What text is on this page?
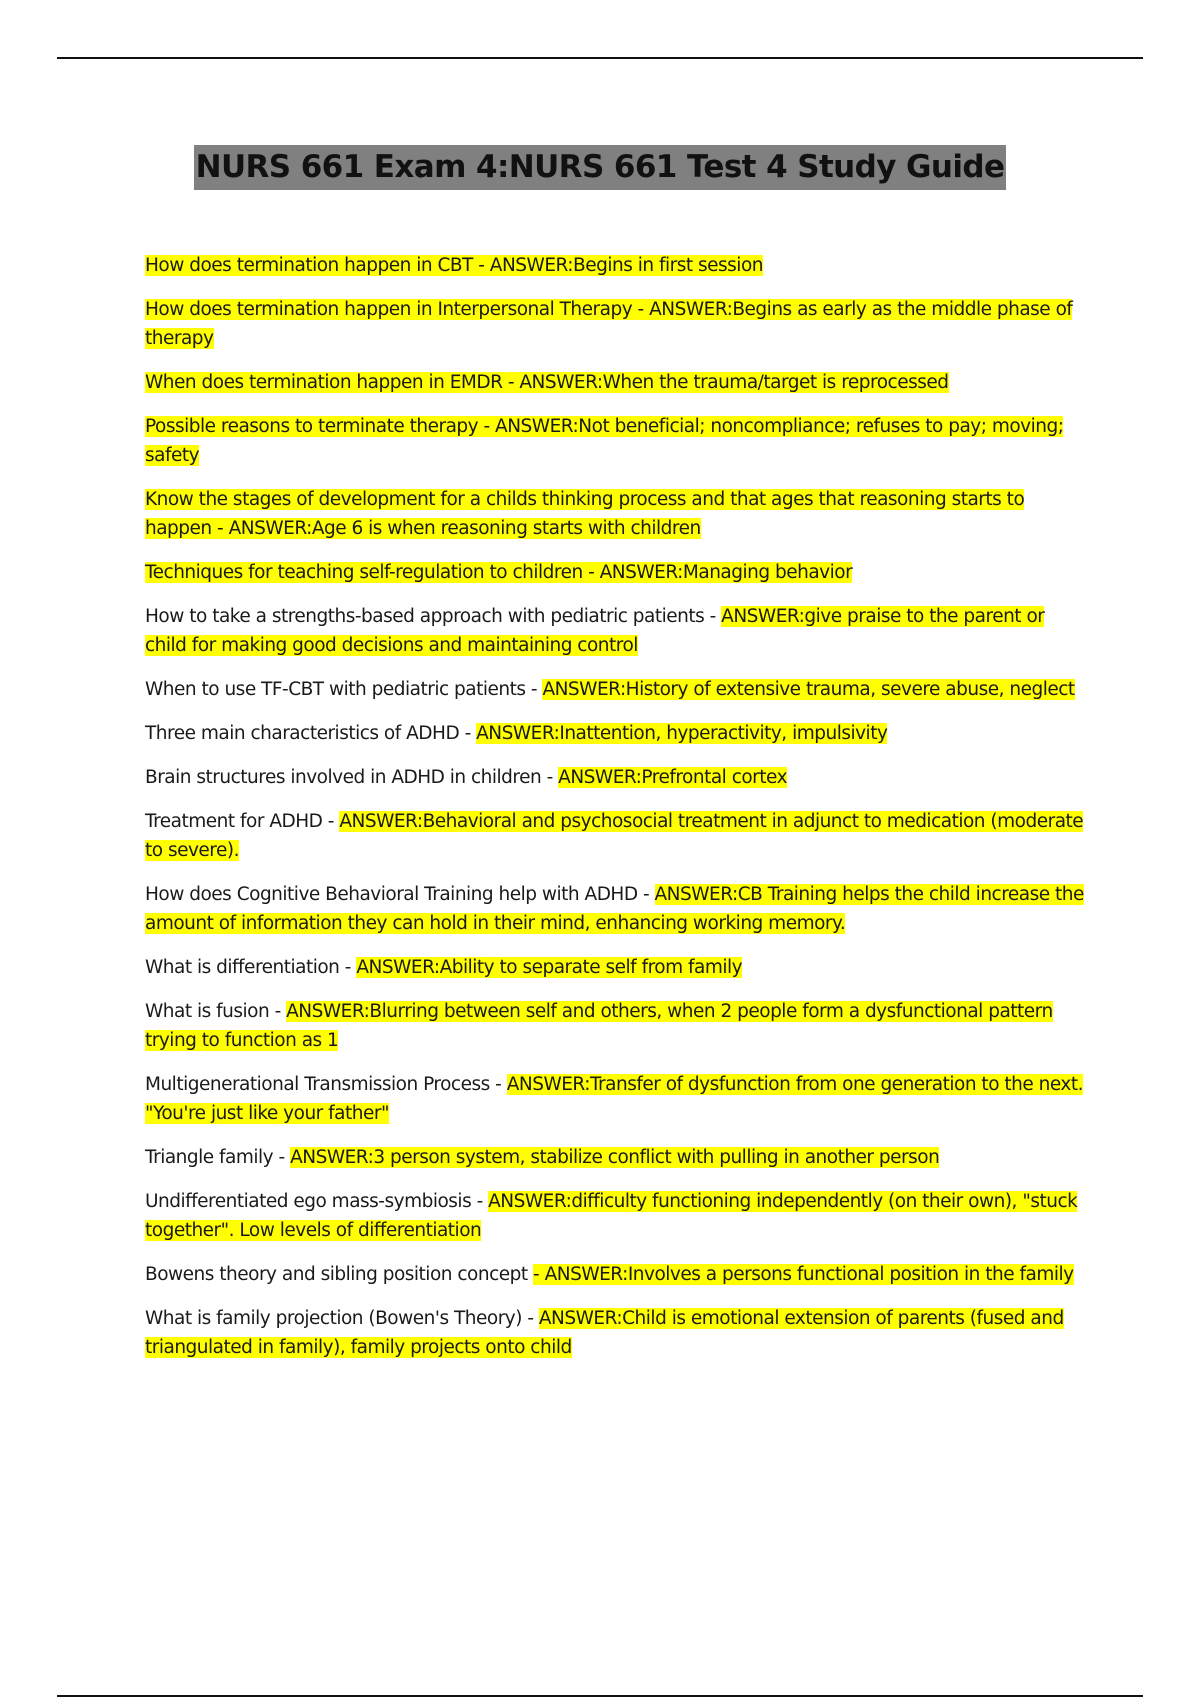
NURS 661 Exam 4:NURS 661 Test 4 Study Guide

How does termination happen in CBT - ANSWER:Begins in first session

How does termination happen in Interpersonal Therapy - ANSWER:Begins as early as the middle phase of therapy

When does termination happen in EMDR - ANSWER:When the trauma/target is reprocessed

Possible reasons to terminate therapy - ANSWER:Not beneficial; noncompliance; refuses to pay; moving; safety

Know the stages of development for a childs thinking process and that ages that reasoning starts to happen - ANSWER:Age 6 is when reasoning starts with children

Techniques for teaching self-regulation to children - ANSWER:Managing behavior

How to take a strengths-based approach with pediatric patients - ANSWER:give praise to the parent or child for making good decisions and maintaining control

When to use TF-CBT with pediatric patients - ANSWER:History of extensive trauma, severe abuse, neglect

Three main characteristics of ADHD - ANSWER:Inattention, hyperactivity, impulsivity

Brain structures involved in ADHD in children - ANSWER:Prefrontal cortex

Treatment for ADHD - ANSWER:Behavioral and psychosocial treatment in adjunct to medication (moderate to severe).

How does Cognitive Behavioral Training help with ADHD - ANSWER:CB Training helps the child increase the amount of information they can hold in their mind, enhancing working memory.

What is differentiation - ANSWER:Ability to separate self from family

What is fusion - ANSWER:Blurring between self and others, when 2 people form a dysfunctional pattern trying to function as 1

Multigenerational Transmission Process - ANSWER:Transfer of dysfunction from one generation to the next. "You're just like your father"

Triangle family - ANSWER:3 person system, stabilize conflict with pulling in another person

Undifferentiated ego mass-symbiosis - ANSWER:difficulty functioning independently (on their own), "stuck together". Low levels of differentiation

Bowens theory and sibling position concept - ANSWER:Involves a persons functional position in the family

What is family projection (Bowen's Theory) - ANSWER:Child is emotional extension of parents (fused and triangulated in family), family projects onto child
